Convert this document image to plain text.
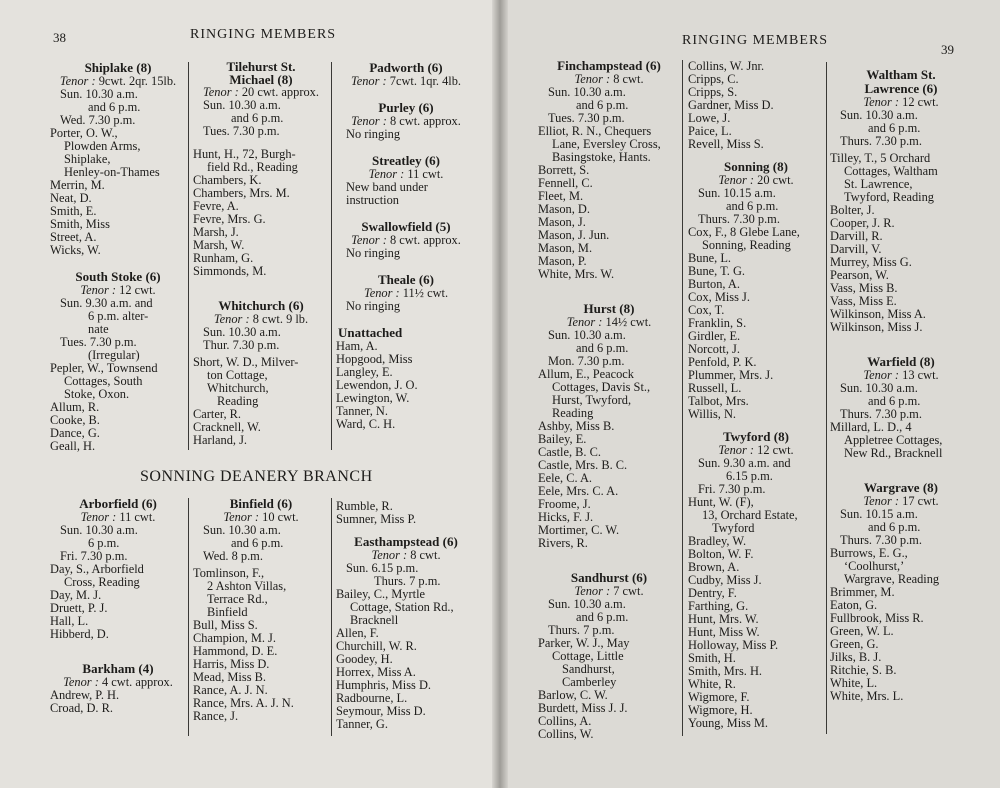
38	RINGING MEMBERS
Shiplake (8)
Tenor : 9cwt. 2qr. 15lb.
Sun. 10.30 a.m.
and 6 p.m.
Wed. 7.30 p.m.
Porter, O. W.,
Plowden Arms,
Shiplake,
Henley-on-Thames
Merrin, M.
Neat, D.
Smith, E.
Smith, Miss
Street, A.
Wicks, W.
South Stoke (6)
Tenor : 12 cwt.
Sun. 9.30 a.m. and
6 p.m. alter-
nate
Tues. 7.30 p.m.
(Irregular)
Pepler, W., Townsend
Cottages, South
Stoke, Oxon.
Allum, R.
Cooke, B.
Dance, G.
Geall, H.
Tilehurst St.
Michael (8)
Tenor : 20 cwt. approx.
Sun. 10.30 a.m.
and 6 p.m.
Tues. 7.30 p.m.
Hunt, H., 72, Burgh-
field Rd., Reading
Chambers, K.
Chambers, Mrs. M.
Fevre, A.
Fevre, Mrs. G.
Marsh, J.
Marsh, W.
Runham, G.
Simmonds, M.
Whitchurch (6)
Tenor : 8 cwt. 9 lb.
Sun. 10.30 a.m.
Thur. 7.30 p.m.
Short, W. D., Milver-
ton Cottage,
Whitchurch,
Reading
Carter, R.
Cracknell, W.
Harland, J.
Padworth (6)
Tenor : 7cwt. 1qr. 4lb.
Purley (6)
Tenor : 8 cwt. approx.
No ringing
Streatley (6)
Tenor : 11 cwt.
New band under
instruction
Swallowfield (5)
Tenor : 8 cwt. approx.
No ringing
Theale (6)
Tenor : 11½ cwt.
No ringing
Unattached
Ham, A.
Hopgood, Miss
Langley, E.
Lewendon, J. O.
Lewington, W.
Tanner, N.
Ward, C. H.
SONNING DEANERY BRANCH
Arborfield (6)
Tenor : 11 cwt.
Sun. 10.30 a.m.
6 p.m.
Fri. 7.30 p.m.
Day, S., Arborfield
Cross, Reading
Day, M. J.
Druett, P. J.
Hall, L.
Hibberd, D.
Barkham (4)
Tenor : 4 cwt. approx.
Andrew, P. H.
Croad, D. R.
Binfield (6)
Tenor : 10 cwt.
Sun. 10.30 a.m.
and 6 p.m.
Wed. 8 p.m.
Tomlinson, F.,
2 Ashton Villas,
Terrace Rd.,
Binfield
Bull, Miss S.
Champion, M. J.
Hammond, D. E.
Harris, Miss D.
Mead, Miss B.
Rance, A. J. N.
Rance, Mrs. A. J. N.
Rance, J.
Rumble, R.
Sumner, Miss P.
Easthampstead (6)
Tenor : 8 cwt.
Sun. 6.15 p.m.
Thurs. 7 p.m.
Bailey, C., Myrtle
Cottage, Station Rd.,
Bracknell
Allen, F.
Churchill, W. R.
Goodey, H.
Horrex, Miss A.
Humphris, Miss D.
Radbourne, L.
Seymour, Miss D.
Tanner, G.
RINGING MEMBERS
39
Finchampstead (6)
Tenor : 8 cwt.
Sun. 10.30 a.m.
and 6 p.m.
Tues. 7.30 p.m.
Elliot, R. N., Chequers
Lane, Eversley Cross,
Basingstoke, Hants.
Borrett, S.
Fennell, C.
Fleet, M.
Mason, D.
Mason, J.
Mason, J. Jun.
Mason, M.
Mason, P.
White, Mrs. W.
Hurst (8)
Tenor : 14½ cwt.
Sun. 10.30 a.m.
and 6 p.m.
Mon. 7.30 p.m.
Allum, E., Peacock
Cottages, Davis St.,
Hurst, Twyford,
Reading
Ashby, Miss B.
Bailey, E.
Castle, B. C.
Castle, Mrs. B. C.
Eele, C. A.
Eele, Mrs. C. A.
Froome, J.
Hicks, F. J.
Mortimer, C. W.
Rivers, R.
Sandhurst (6)
Tenor : 7 cwt.
Sun. 10.30 a.m.
and 6 p.m.
Thurs. 7 p.m.
Parker, W. J., May
Cottage, Little
Sandhurst,
Camberley
Barlow, C. W.
Burdett, Miss J. J.
Collins, A.
Collins, W.
Collins, W. Jnr.
Cripps, C.
Cripps, S.
Gardner, Miss D.
Lowe, J.
Paice, L.
Revell, Miss S.
Sonning (8)
Tenor : 20 cwt.
Sun. 10.15 a.m.
and 6 p.m.
Thurs. 7.30 p.m.
Cox, F., 8 Glebe Lane,
Sonning, Reading
Bune, L.
Bune, T. G.
Burton, A.
Cox, Miss J.
Cox, T.
Franklin, S.
Girdler, E.
Norcott, J.
Penfold, P. K.
Plummer, Mrs. J.
Russell, L.
Talbot, Mrs.
Willis, N.
Twyford (8)
Tenor : 12 cwt.
Sun. 9.30 a.m. and
6.15 p.m.
Fri. 7.30 p.m.
Hunt, W. (F),
13, Orchard Estate,
Twyford
Bradley, W.
Bolton, W. F.
Brown, A.
Cudby, Miss J.
Dentry, F.
Farthing, G.
Hunt, Mrs. W.
Hunt, Miss W.
Holloway, Miss P.
Smith, H.
Smith, Mrs. H.
White, R.
Wigmore, F.
Wigmore, H.
Young, Miss M.
Waltham St.
Lawrence (6)
Tenor : 12 cwt.
Sun. 10.30 a.m.
and 6 p.m.
Thurs. 7.30 p.m.
Tilley, T., 5 Orchard
Cottages, Waltham
St. Lawrence,
Twyford, Reading
Bolter, J.
Cooper, J. R.
Darvill, R.
Darvill, V.
Murrey, Miss G.
Pearson, W.
Vass, Miss B.
Vass, Miss E.
Wilkinson, Miss A.
Wilkinson, Miss J.
Warfield (8)
Tenor : 13 cwt.
Sun. 10.30 a.m.
and 6 p.m.
Thurs. 7.30 p.m.
Millard, L. D., 4
Appletree Cottages,
New Rd., Bracknell
Wargrave (8)
Tenor : 17 cwt.
Sun. 10.15 a.m.
and 6 p.m.
Thurs. 7.30 p.m.
Burrows, E. G.,
‘Coolhurst,’
Wargrave, Reading
Brimmer, M.
Eaton, G.
Fullbrook, Miss R.
Green, W. L.
Green, G.
Jilks, B. J.
Ritchie, S. B.
White, L.
White, Mrs. L.
